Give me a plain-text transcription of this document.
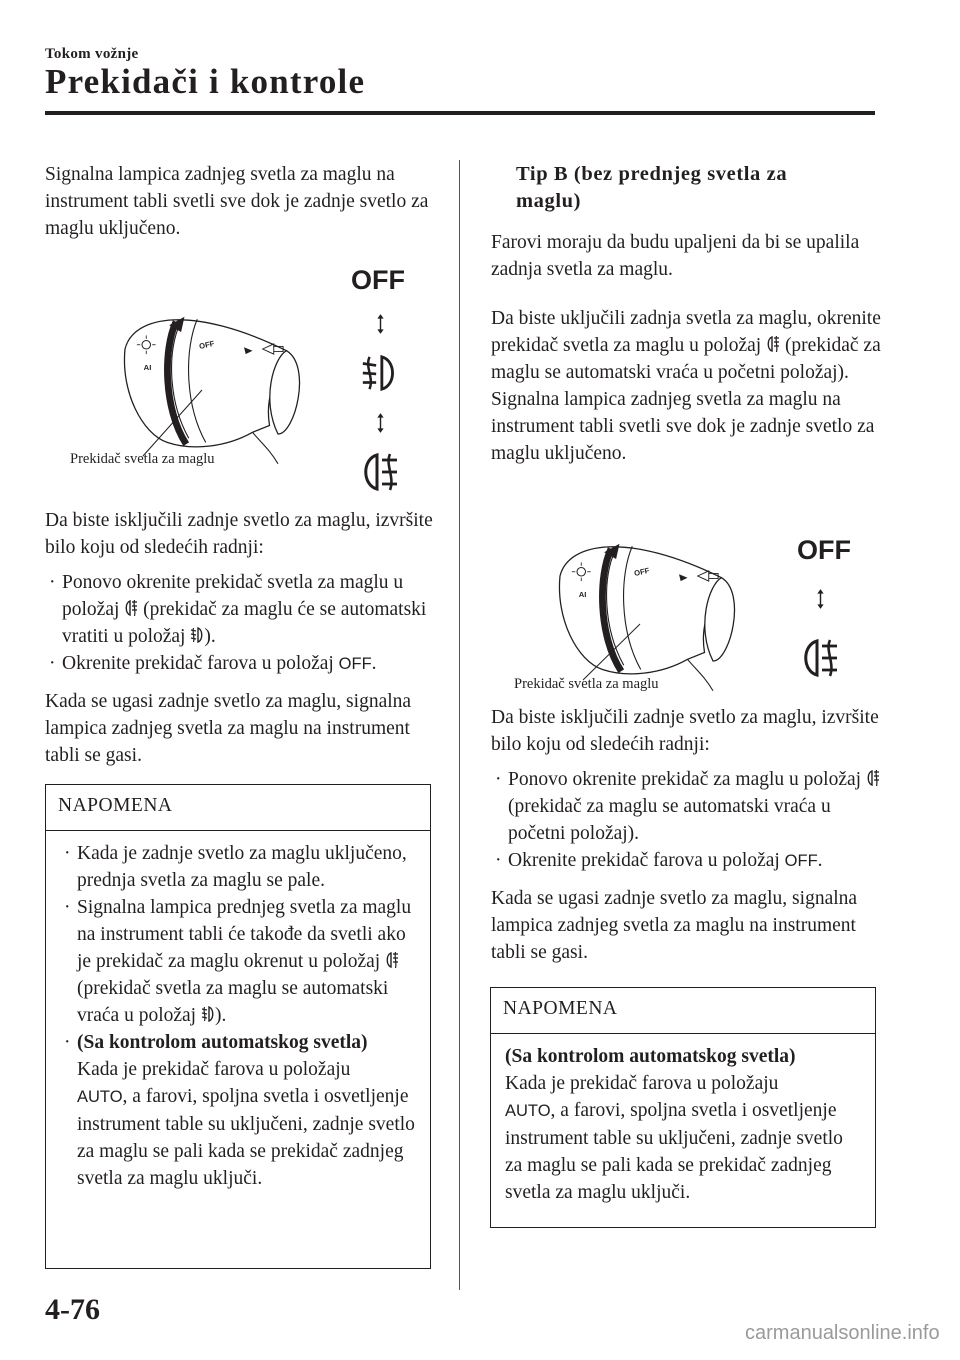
Tokom vožnje
Prekidači i kontrole
Signalna lampica zadnjeg svetla za maglu na instrument tabli svetli sve dok je zadnje svetlo za maglu uključeno.
OFF
Prekidač svetla za maglu

Da biste isključili zadnje svetlo za maglu, izvršite bilo koju od sledećih radnji:

· Ponovo okrenite prekidač svetla za maglu u položaj (prekidač za maglu će se automatski vratiti u položaj ).
· Okrenite prekidač farova u položaj OFF.

Kada se ugasi zadnje svetlo za maglu, signalna lampica zadnjeg svetla za maglu na instrument tabli se gasi.

NAPOMENA
· Kada je zadnje svetlo za maglu uključeno, prednja svetla za maglu se pale.
· Signalna lampica prednjeg svetla za maglu na instrument tabli će takođe da svetli ako je prekidač za maglu okrenut u položaj  (prekidač svetla za maglu se automatski vraća u položaj ).
· (Sa kontrolom automatskog svetla)
Kada je prekidač farova u položaju
AUTO, a farovi, spoljna svetla i osvetljenje instrument table su uključeni, zadnje svetlo za maglu se pali kada se prekidač zadnjeg svetla za maglu uključi.
Tip B (bez prednjeg svetla za maglu)

Farovi moraju da budu upaljeni da bi se upalila zadnja svetla za maglu.

Da biste uključili zadnja svetla za maglu, okrenite prekidač svetla za maglu u položaj (prekidač za maglu se automatski vraća u početni položaj). Signalna lampica zadnjeg svetla za maglu na instrument tabli svetli sve dok je zadnje svetlo za maglu uključeno.

OFF
Prekidač svetla za maglu

Da biste isključili zadnje svetlo za maglu, izvršite bilo koju od sledećih radnji:

· Ponovo okrenite prekidač za maglu u položaj  (prekidač za maglu se automatski vraća u početni položaj).
· Okrenite prekidač farova u položaj OFF.

Kada se ugasi zadnje svetlo za maglu, signalna lampica zadnjeg svetla za maglu na instrument tabli se gasi.

NAPOMENA

(Sa kontrolom automatskog svetla)

Kada je prekidač farova u položaju
AUTO, a farovi, spoljna svetla i osvetljenje instrument table su uključeni, zadnje svetlo za maglu se pali kada se prekidač zadnjeg svetla za maglu uključi.

4-76
carmanualsonline.info
